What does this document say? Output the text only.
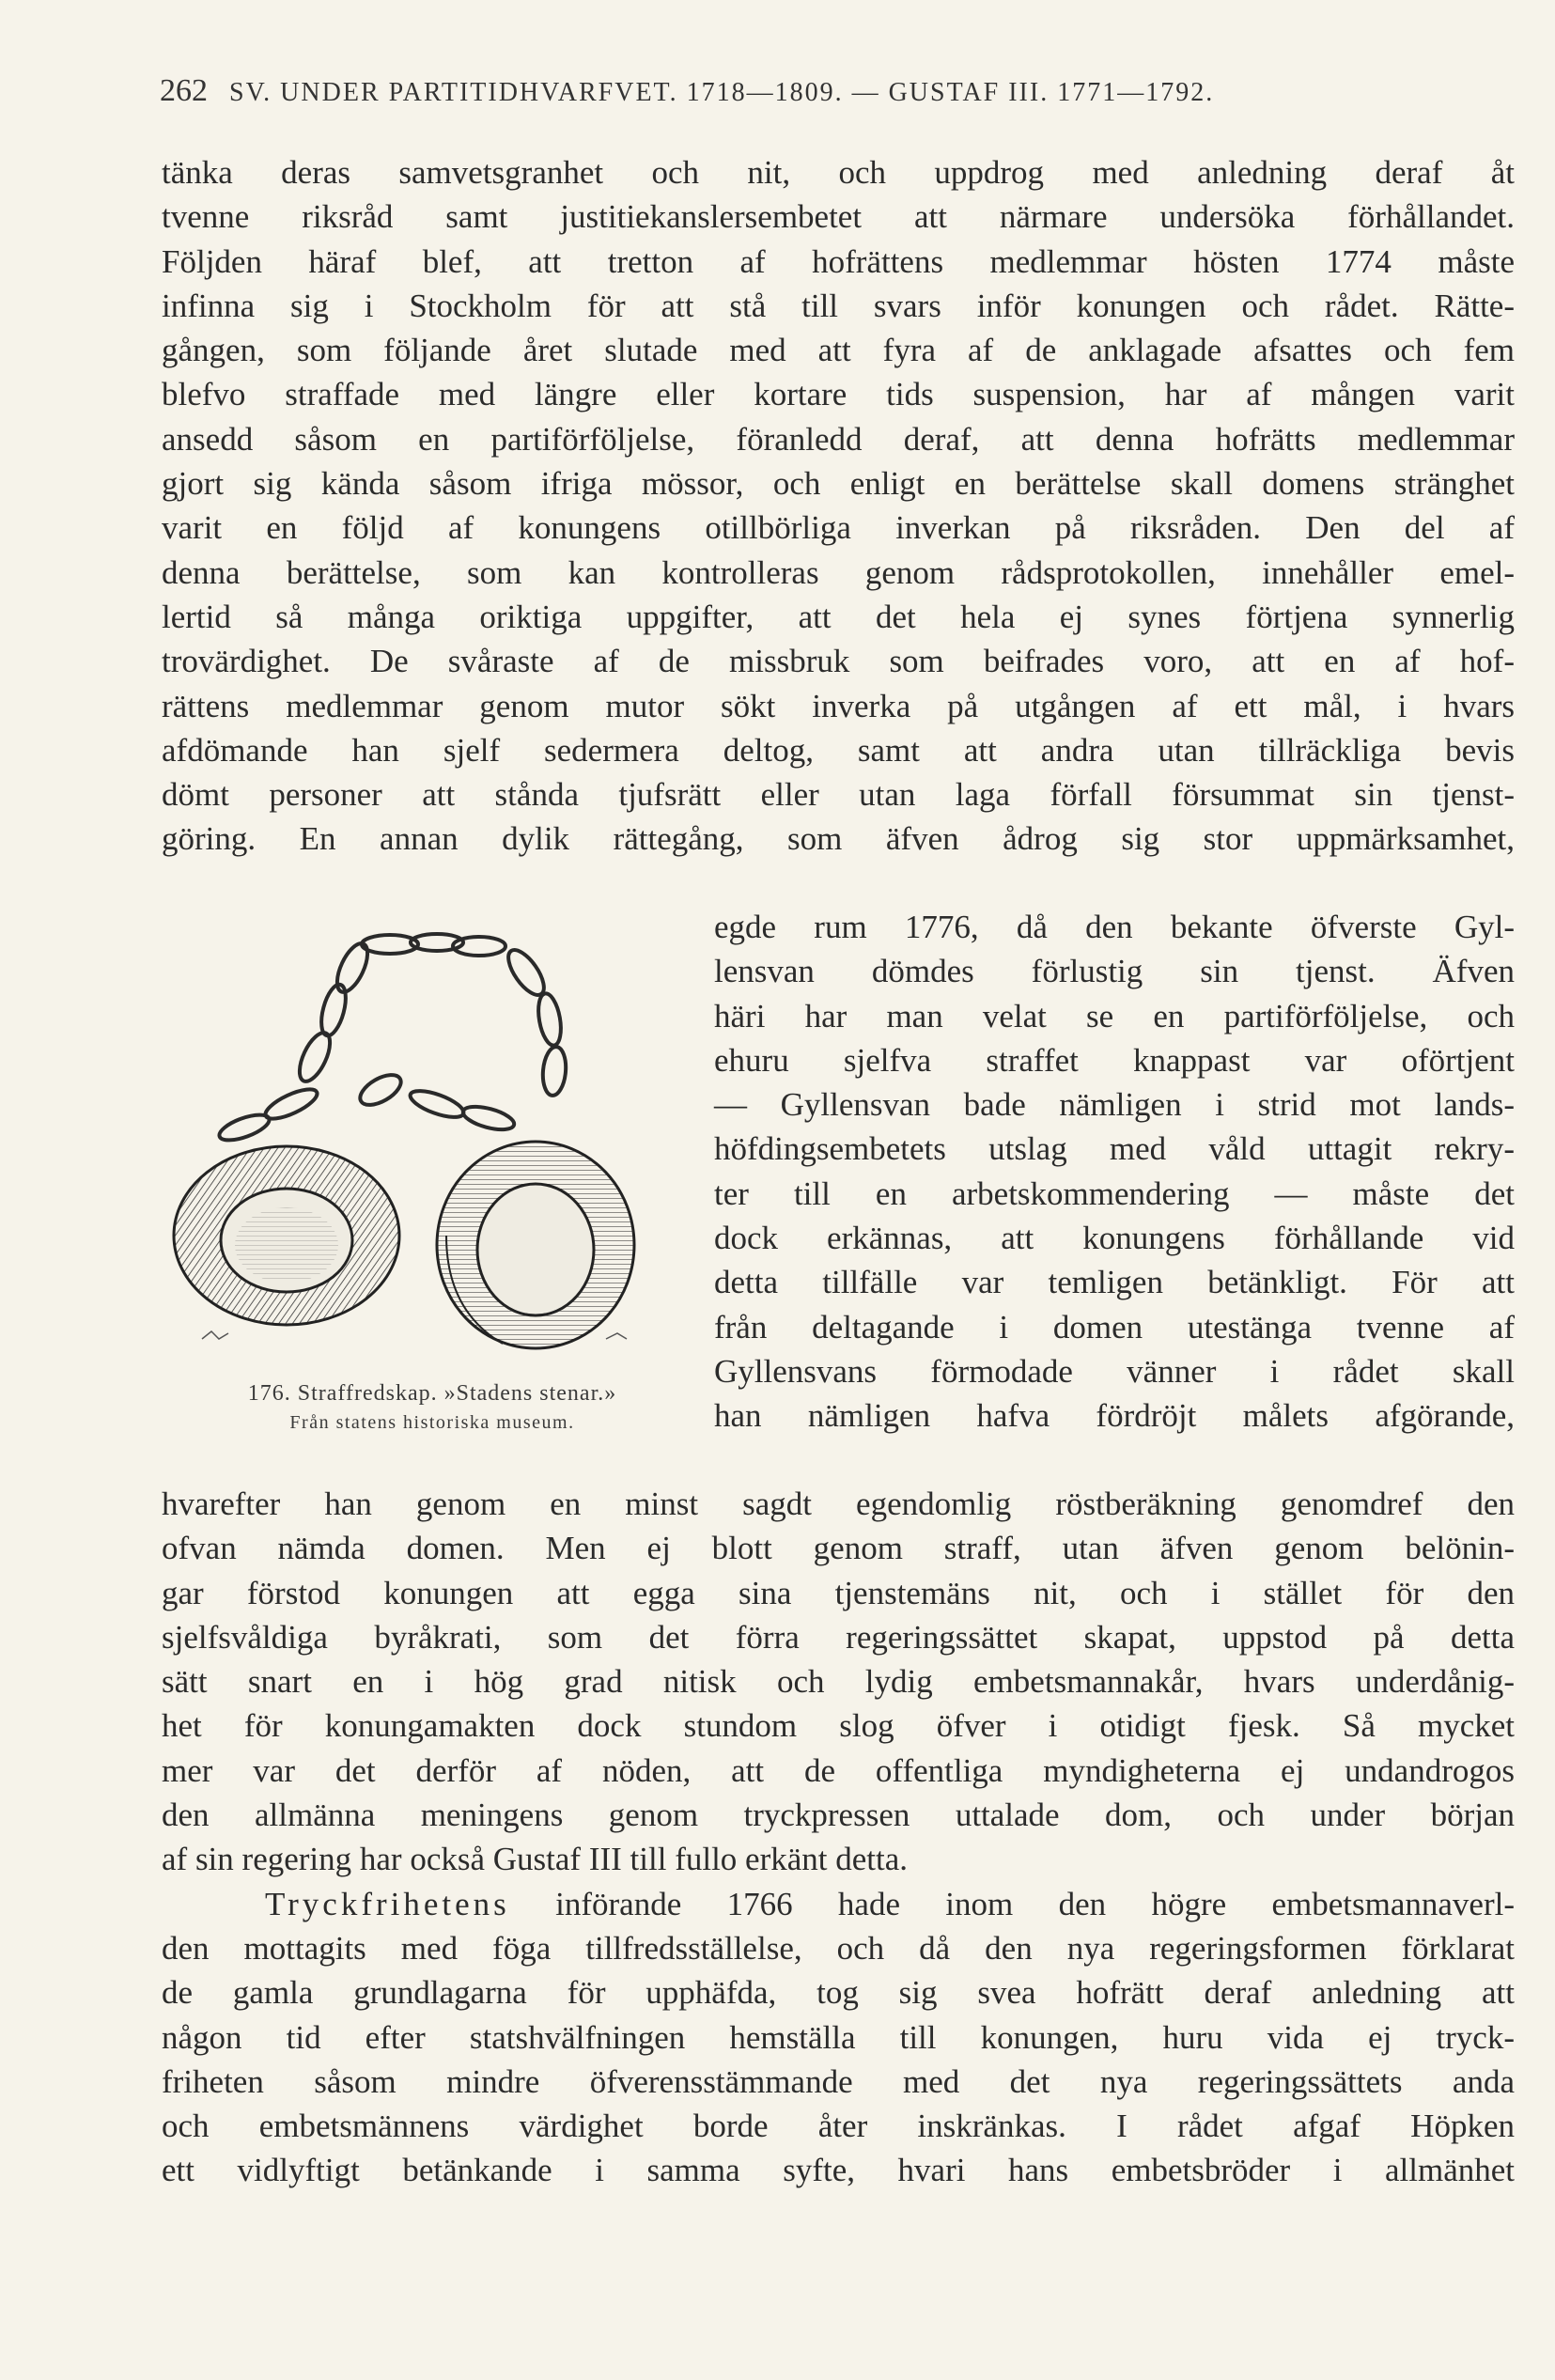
262 SV. UNDER PARTITIDHVARFVET. 1718—1809. — GUSTAF III. 1771—1792.
tänka deras samvetsgranhet och nit, och uppdrog med anledning deraf åt
tvenne riksråd samt justitiekanslersembetet att närmare undersöka förhållandet.
Följden häraf blef, att tretton af hofrättens medlemmar hösten 1774 måste
infinna sig i Stockholm för att stå till svars inför konungen och rådet. Rätte-
gången, som följande året slutade med att fyra af de anklagade afsattes och fem
blefvo straffade med längre eller kortare tids suspension, har af mången varit
ansedd såsom en partiförföljelse, föranledd deraf, att denna hofrätts medlemmar
gjort sig kända såsom ifriga mössor, och enligt en berättelse skall domens stränghet
varit en följd af konungens otillbörliga inverkan på riksråden. Den del af
denna berättelse, som kan kontrolleras genom rådsprotokollen, innehåller emel-
lertid så många oriktiga uppgifter, att det hela ej synes förtjena synnerlig
trovärdighet. De svåraste af de missbruk som beifrades voro, att en af hof-
rättens medlemmar genom mutor sökt inverka på utgången af ett mål, i hvars
afdömande han sjelf sedermera deltog, samt att andra utan tillräckliga bevis
dömt personer att stånda tjufsrätt eller utan laga förfall försummat sin tjenst-
göring. En annan dylik rättegång, som äfven ådrog sig stor uppmärksamhet,
176. Straffredskap. »Stadens stenar.»
Från statens historiska museum.
egde rum 1776, då den bekante öfverste Gyl-
lensvan dömdes förlustig sin tjenst. Äfven
häri har man velat se en partiförföljelse, och
ehuru sjelfva straffet knappast var oförtjent
— Gyllensvan bade nämligen i strid mot lands-
höfdingsembetets utslag med våld uttagit rekry-
ter till en arbetskommendering — måste det
dock erkännas, att konungens förhållande vid
detta tillfälle var temligen betänkligt. För att
från deltagande i domen utestänga tvenne af
Gyllensvans förmodade vänner i rådet skall
han nämligen hafva fördröjt målets afgörande,
hvarefter han genom en minst sagdt egendomlig röstberäkning genomdref den
ofvan nämda domen. Men ej blott genom straff, utan äfven genom belönin-
gar förstod konungen att egga sina tjenstemäns nit, och i stället för den
sjelfsvåldiga byråkrati, som det förra regeringssättet skapat, uppstod på detta
sätt snart en i hög grad nitisk och lydig embetsmannakår, hvars underdånig-
het för konungamakten dock stundom slog öfver i otidigt fjesk. Så mycket
mer var det derför af nöden, att de offentliga myndigheterna ej undandrogos
den allmänna meningens genom tryckpressen uttalade dom, och under början
af sin regering har också Gustaf III till fullo erkänt detta.
Tryckfrihetens införande 1766 hade inom den högre embetsmannaverl-
den mottagits med föga tillfredsställelse, och då den nya regeringsformen förklarat
de gamla grundlagarna för upphäfda, tog sig svea hofrätt deraf anledning att
någon tid efter statshvälfningen hemställa till konungen, huru vida ej tryck-
friheten såsom mindre öfverensstämmande med det nya regeringssättets anda
och embetsmännens värdighet borde åter inskränkas. I rådet afgaf Höpken
ett vidlyftigt betänkande i samma syfte, hvari hans embetsbröder i allmänhet
